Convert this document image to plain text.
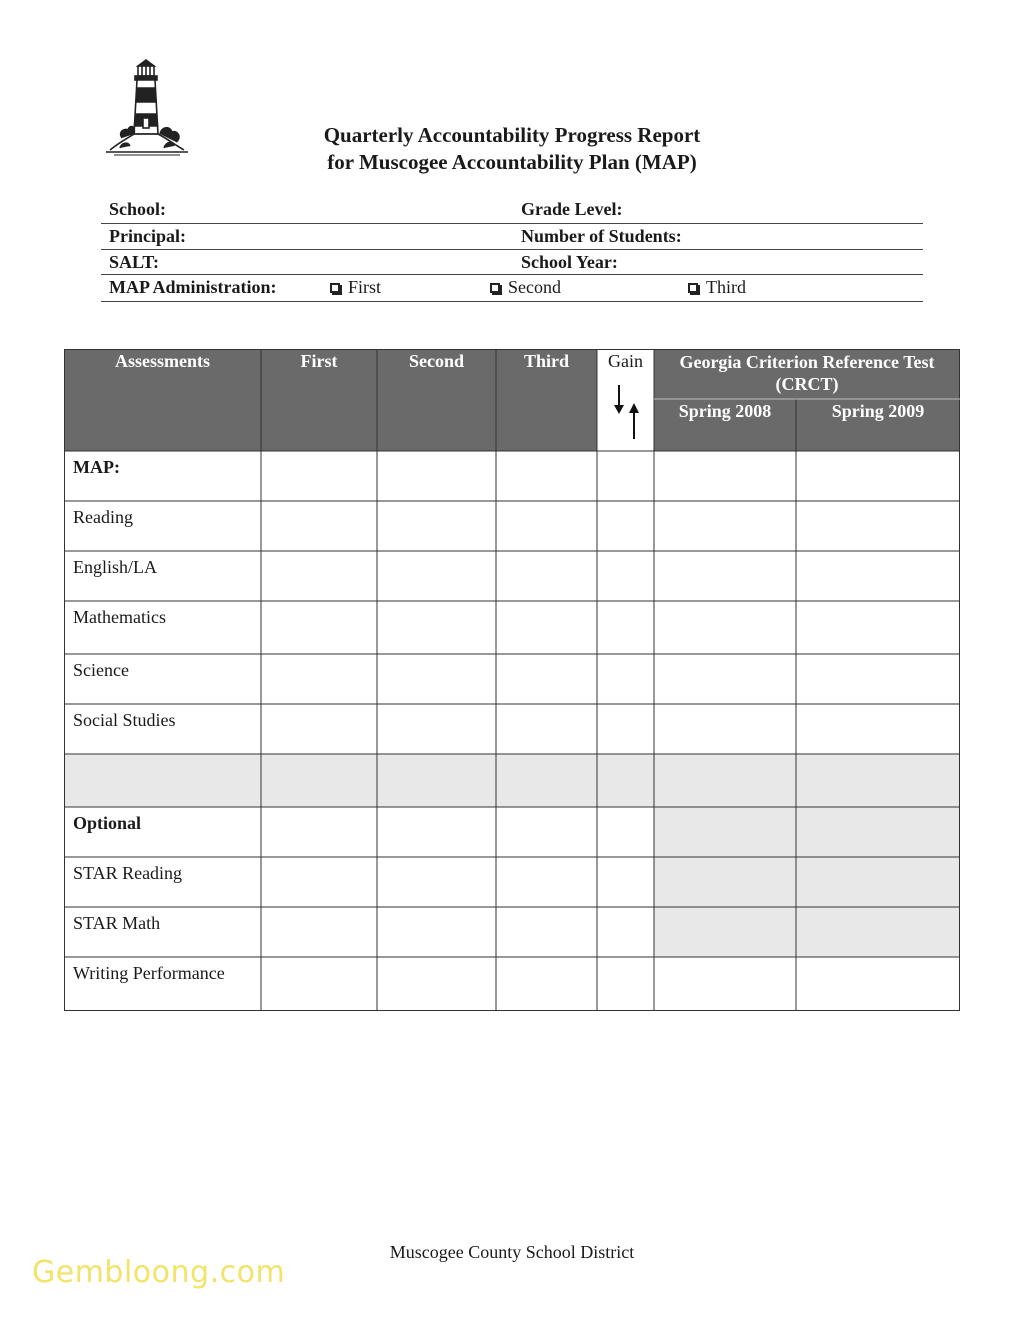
Quarterly Accountability Progress Report
for Muscogee Accountability Plan (MAP)
School:	Grade Level:
Principal:	Number of Students:
SALT:	School Year:
MAP Administration:	First	Second	Third
Assessments	First	Second	Third	Gain	Georgia Criterion Reference Test
(CRCT)
Spring 2008	Spring 2009
MAP:
Reading
English/LA
Mathematics
Science
Social Studies
Optional
STAR Reading
STAR Math
Writing Performance
Muscogee County School District
Gembloong.com
